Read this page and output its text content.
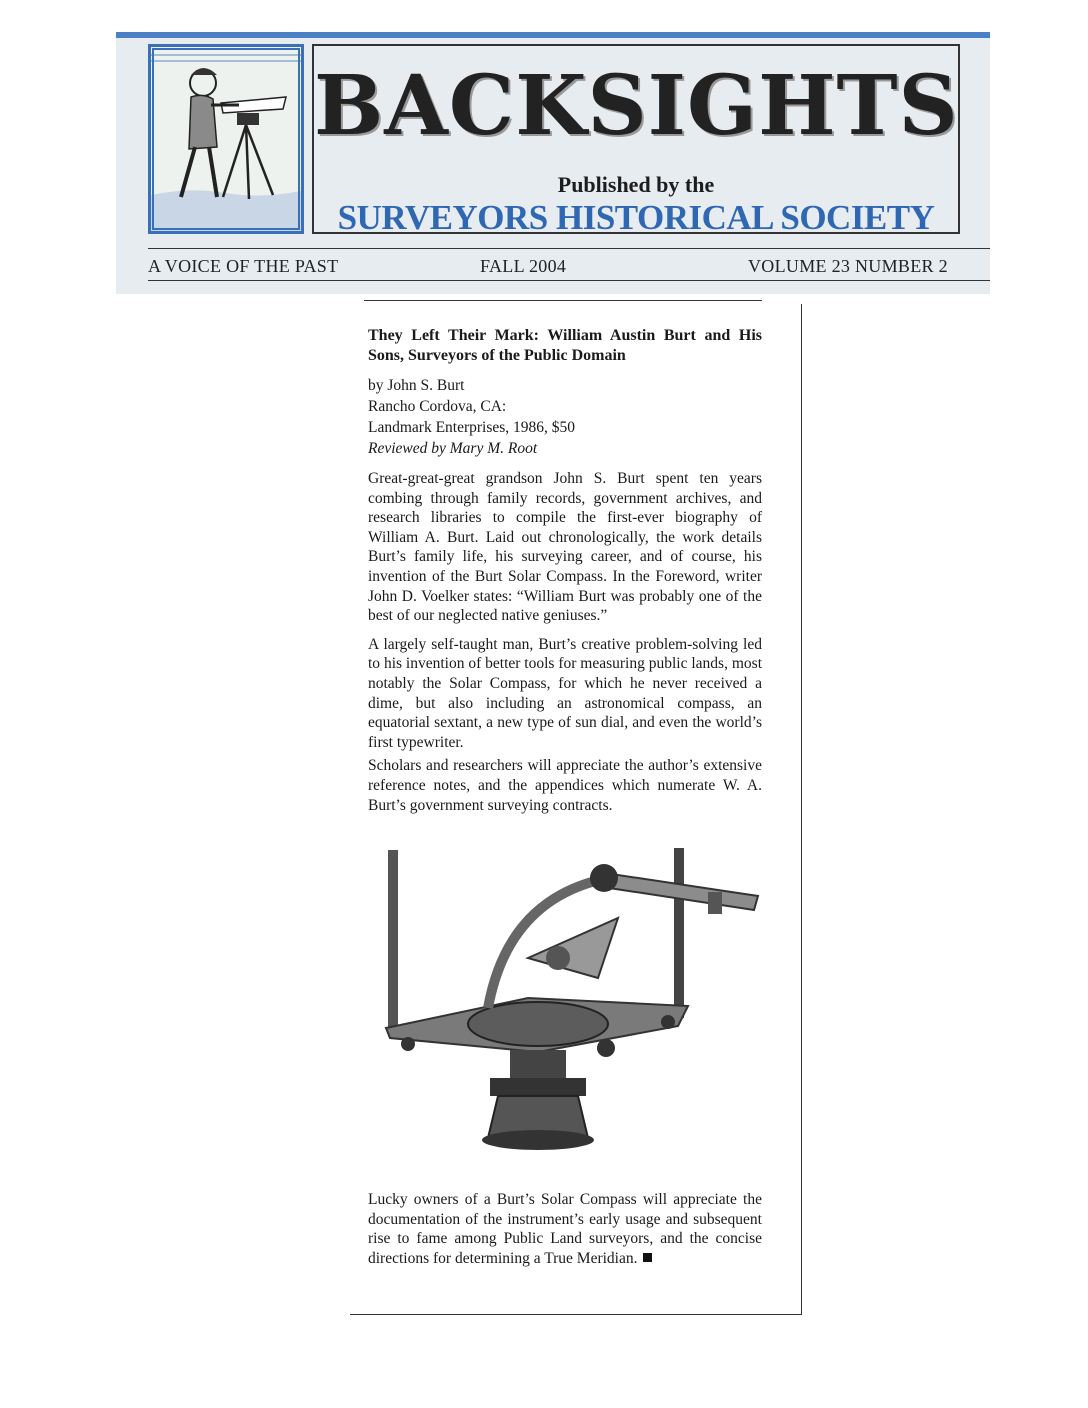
BACKSIGHTS
Published by the
SURVEYORS HISTORICAL SOCIETY
A VOICE OF THE PAST	FALL 2004	VOLUME 23 NUMBER 2

They Left Their Mark: William Austin Burt and His Sons, Surveyors of the Public Domain

by John S. Burt
Rancho Cordova, CA:
Landmark Enterprises, 1986, $50
Reviewed by Mary M. Root

Great-great-great grandson John S. Burt spent ten years combing through family records, government archives, and research libraries to compile the first-ever biography of William A. Burt. Laid out chronologically, the work details Burt’s family life, his surveying career, and of course, his invention of the Burt Solar Compass. In the Foreword, writer John D. Voelker states: “William Burt was probably one of the best of our neglected native geniuses.”

A largely self-taught man, Burt’s creative problem-solving led to his invention of better tools for measuring public lands, most notably the Solar Compass, for which he never received a dime, but also including an astronomical compass, an equatorial sextant, a new type of sun dial, and even the world’s first typewriter.

Scholars and researchers will appreciate the author’s extensive reference notes, and the appendices which numerate W. A. Burt’s government surveying contracts.

Lucky owners of a Burt’s Solar Compass will appreciate the documentation of the instrument’s early usage and subsequent rise to fame among Public Land surveyors, and the concise directions for determining a True Meridian.
